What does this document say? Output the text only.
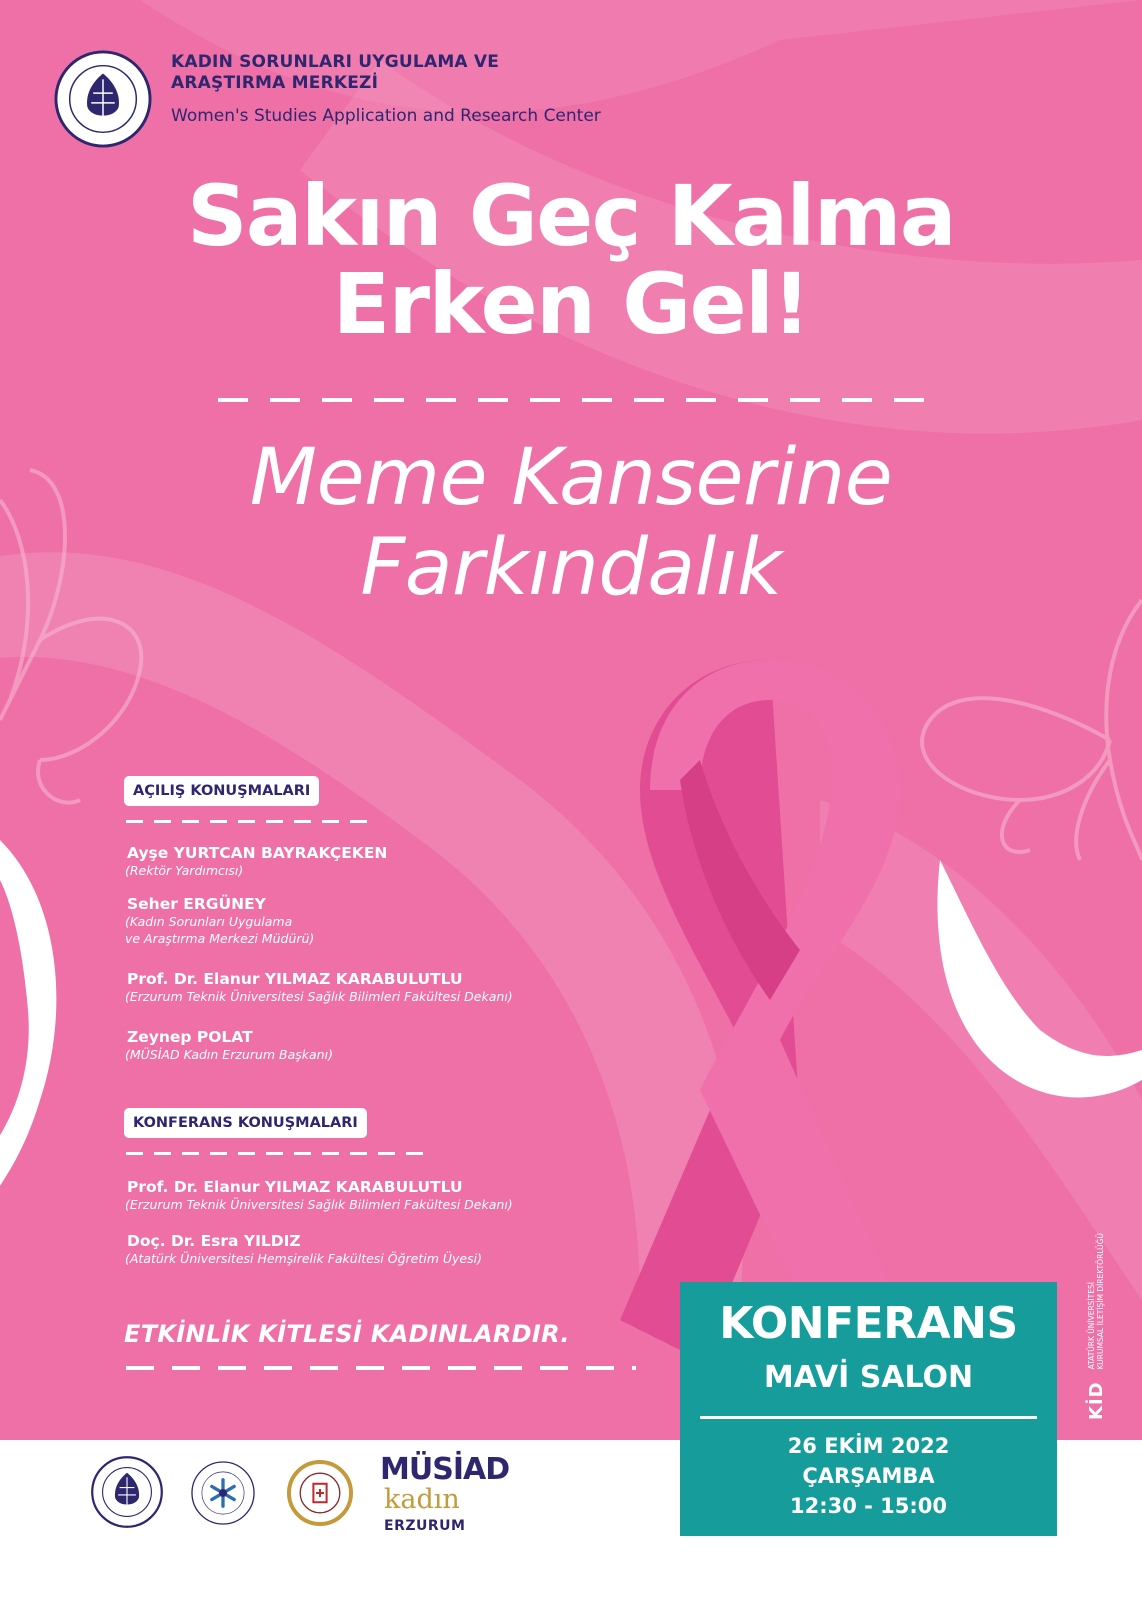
KADIN SORUNLARI UYGULAMA VE
ARAŞTIRMA MERKEZİ
Women's Studies Application and Research Center
Sakın Geç Kalma
Erken Gel!
Meme Kanserine
Farkındalık
AÇILIŞ KONUŞMALARI
Ayşe YURTCAN BAYRAKÇEKEN
(Rektör Yardımcısı)
Seher ERGÜNEY
(Kadın Sorunları Uygulama
ve Araştırma Merkezi Müdürü)
Prof. Dr. Elanur YILMAZ KARABULUTLU
(Erzurum Teknik Üniversitesi Sağlık Bilimleri Fakültesi Dekanı)
Zeynep POLAT
(MÜSİAD Kadın Erzurum Başkanı)
KONFERANS KONUŞMALARI
Prof. Dr. Elanur YILMAZ KARABULUTLU
(Erzurum Teknik Üniversitesi Sağlık Bilimleri Fakültesi Dekanı)
Doç. Dr. Esra YILDIZ
(Atatürk Üniversitesi Hemşirelik Fakültesi Öğretim Üyesi)
ETKİNLİK KİTLESİ KADINLARDIR.	KONFERANS
MAVİ SALON
26 EKİM 2022
ÇARŞAMBA
12:30 - 15:00
KİD
ATATÜRK ÜNİVERSİTESİ
KURUMSAL İLETİŞİM DİREKTÖRLÜĞÜ
MÜSİAD
kadın
ERZURUM
